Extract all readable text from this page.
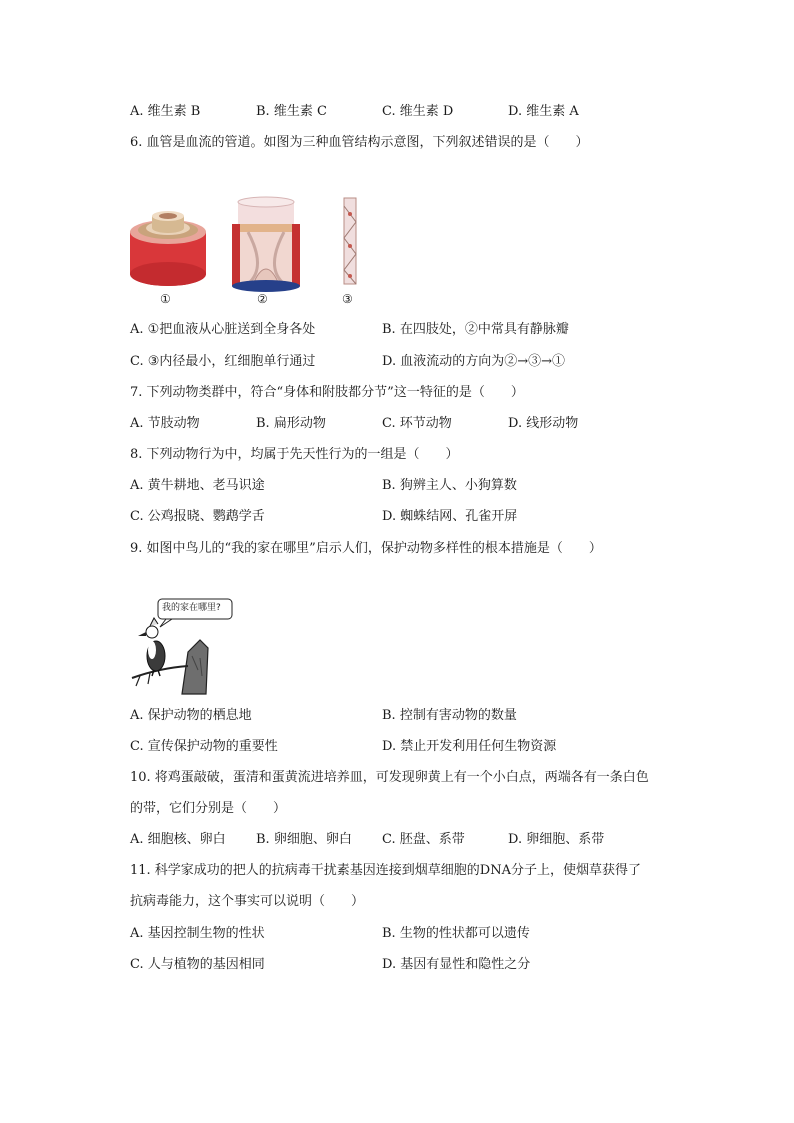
A. 维生素 B	B. 维生素 C	C. 维生素 D	D. 维生素 A
6. 血管是血流的管道。如图为三种血管结构示意图，下列叙述错误的是（　　）
①	②	③
A. ①把血液从心脏送到全身各处	B. 在四肢处，②中常具有静脉瓣
C. ③内径最小，红细胞单行通过	D. 血液流动的方向为②→③→①
7. 下列动物类群中，符合“身体和附肢都分节”这一特征的是（　　）
A. 节肢动物	B. 扁形动物	C. 环节动物	D. 线形动物
8. 下列动物行为中，均属于先天性行为的一组是（　　）
A. 黄牛耕地、老马识途	B. 狗辨主人、小狗算数
C. 公鸡报晓、鹦鹉学舌	D. 蜘蛛结网、孔雀开屏
9. 如图中鸟儿的“我的家在哪里”启示人们，保护动物多样性的根本措施是（　　）
我的家在哪里?
A. 保护动物的栖息地	B. 控制有害动物的数量
C. 宣传保护动物的重要性	D. 禁止开发利用任何生物资源
10. 将鸡蛋敲破，蛋清和蛋黄流进培养皿，可发现卵黄上有一个小白点，两端各有一条白色
的带，它们分别是（　　）
A. 细胞核、卵白 B. 卵细胞、卵白 C. 胚盘、系带	D. 卵细胞、系带
11. 科学家成功的把人的抗病毒干扰素基因连接到烟草细胞的DNA分子上，使烟草获得了
抗病毒能力，这个事实可以说明（　　）
A. 基因控制生物的性状	B. 生物的性状都可以遗传
C. 人与植物的基因相同	D. 基因有显性和隐性之分
